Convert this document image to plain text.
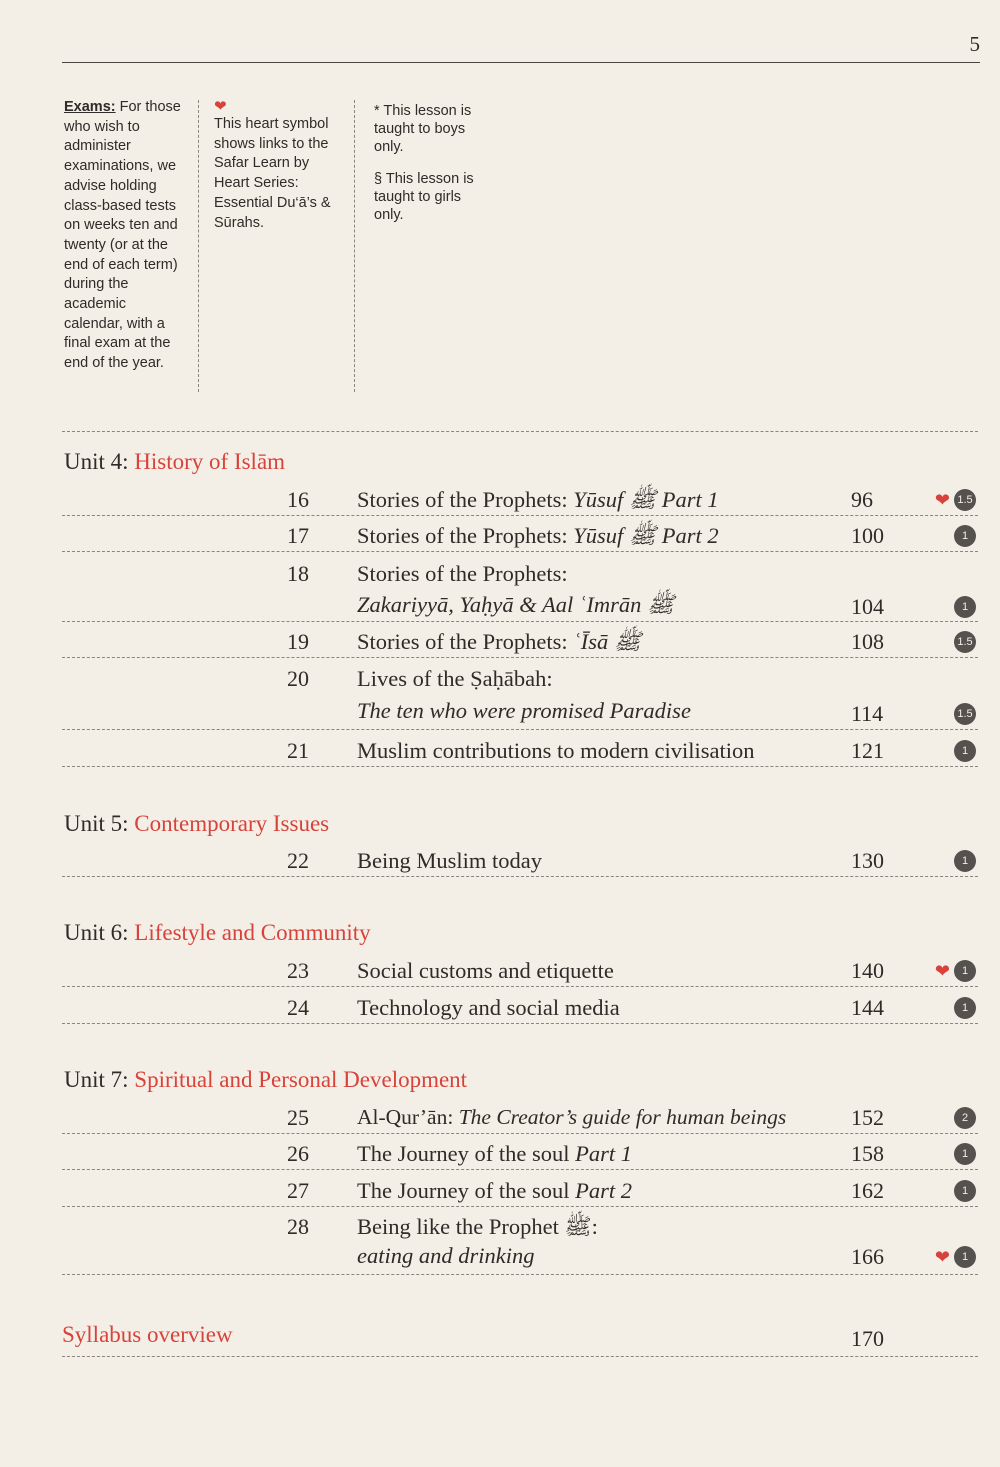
5
Exams: For those who wish to administer examinations, we advise holding class-based tests on weeks ten and twenty (or at the end of each term) during the academic calendar, with a final exam at the end of the year.
❤
This heart symbol shows links to the Safar Learn by Heart Series: Essential Du‘ā’s & Sūrahs.

* This lesson is taught to boys only.

§ This lesson is taught to girls only.

Unit 4: History of Islām
16 Stories of the Prophets: Yūsuf ﷺ Part 1	96	❤ 1.5
17 Stories of the Prophets: Yūsuf ﷺ Part 2	100	1
18 Stories of the Prophets:
Zakariyyā, Yaḥyā & Aal ʿImrān ﷺ	104	1
19 Stories of the Prophets: ʿĪsā ﷺ	108	1.5
20 Lives of the Ṣaḥābah:
The ten who were promised Paradise	114	1.5
21 Muslim contributions to modern civilisation	121	1
Unit 5: Contemporary Issues
22 Being Muslim today	130	1
Unit 6: Lifestyle and Community
23 Social customs and etiquette	140	❤	1
24 Technology and social media	144	1
Unit 7: Spiritual and Personal Development
25 Al-Qur’ān: The Creator’s guide for human beings	152	2
26 The Journey of the soul Part 1	158	1
27 The Journey of the soul Part 2	162	1
28 Being like the Prophet ﷺ:
eating and drinking	166	❤	1
Syllabus overview	170
